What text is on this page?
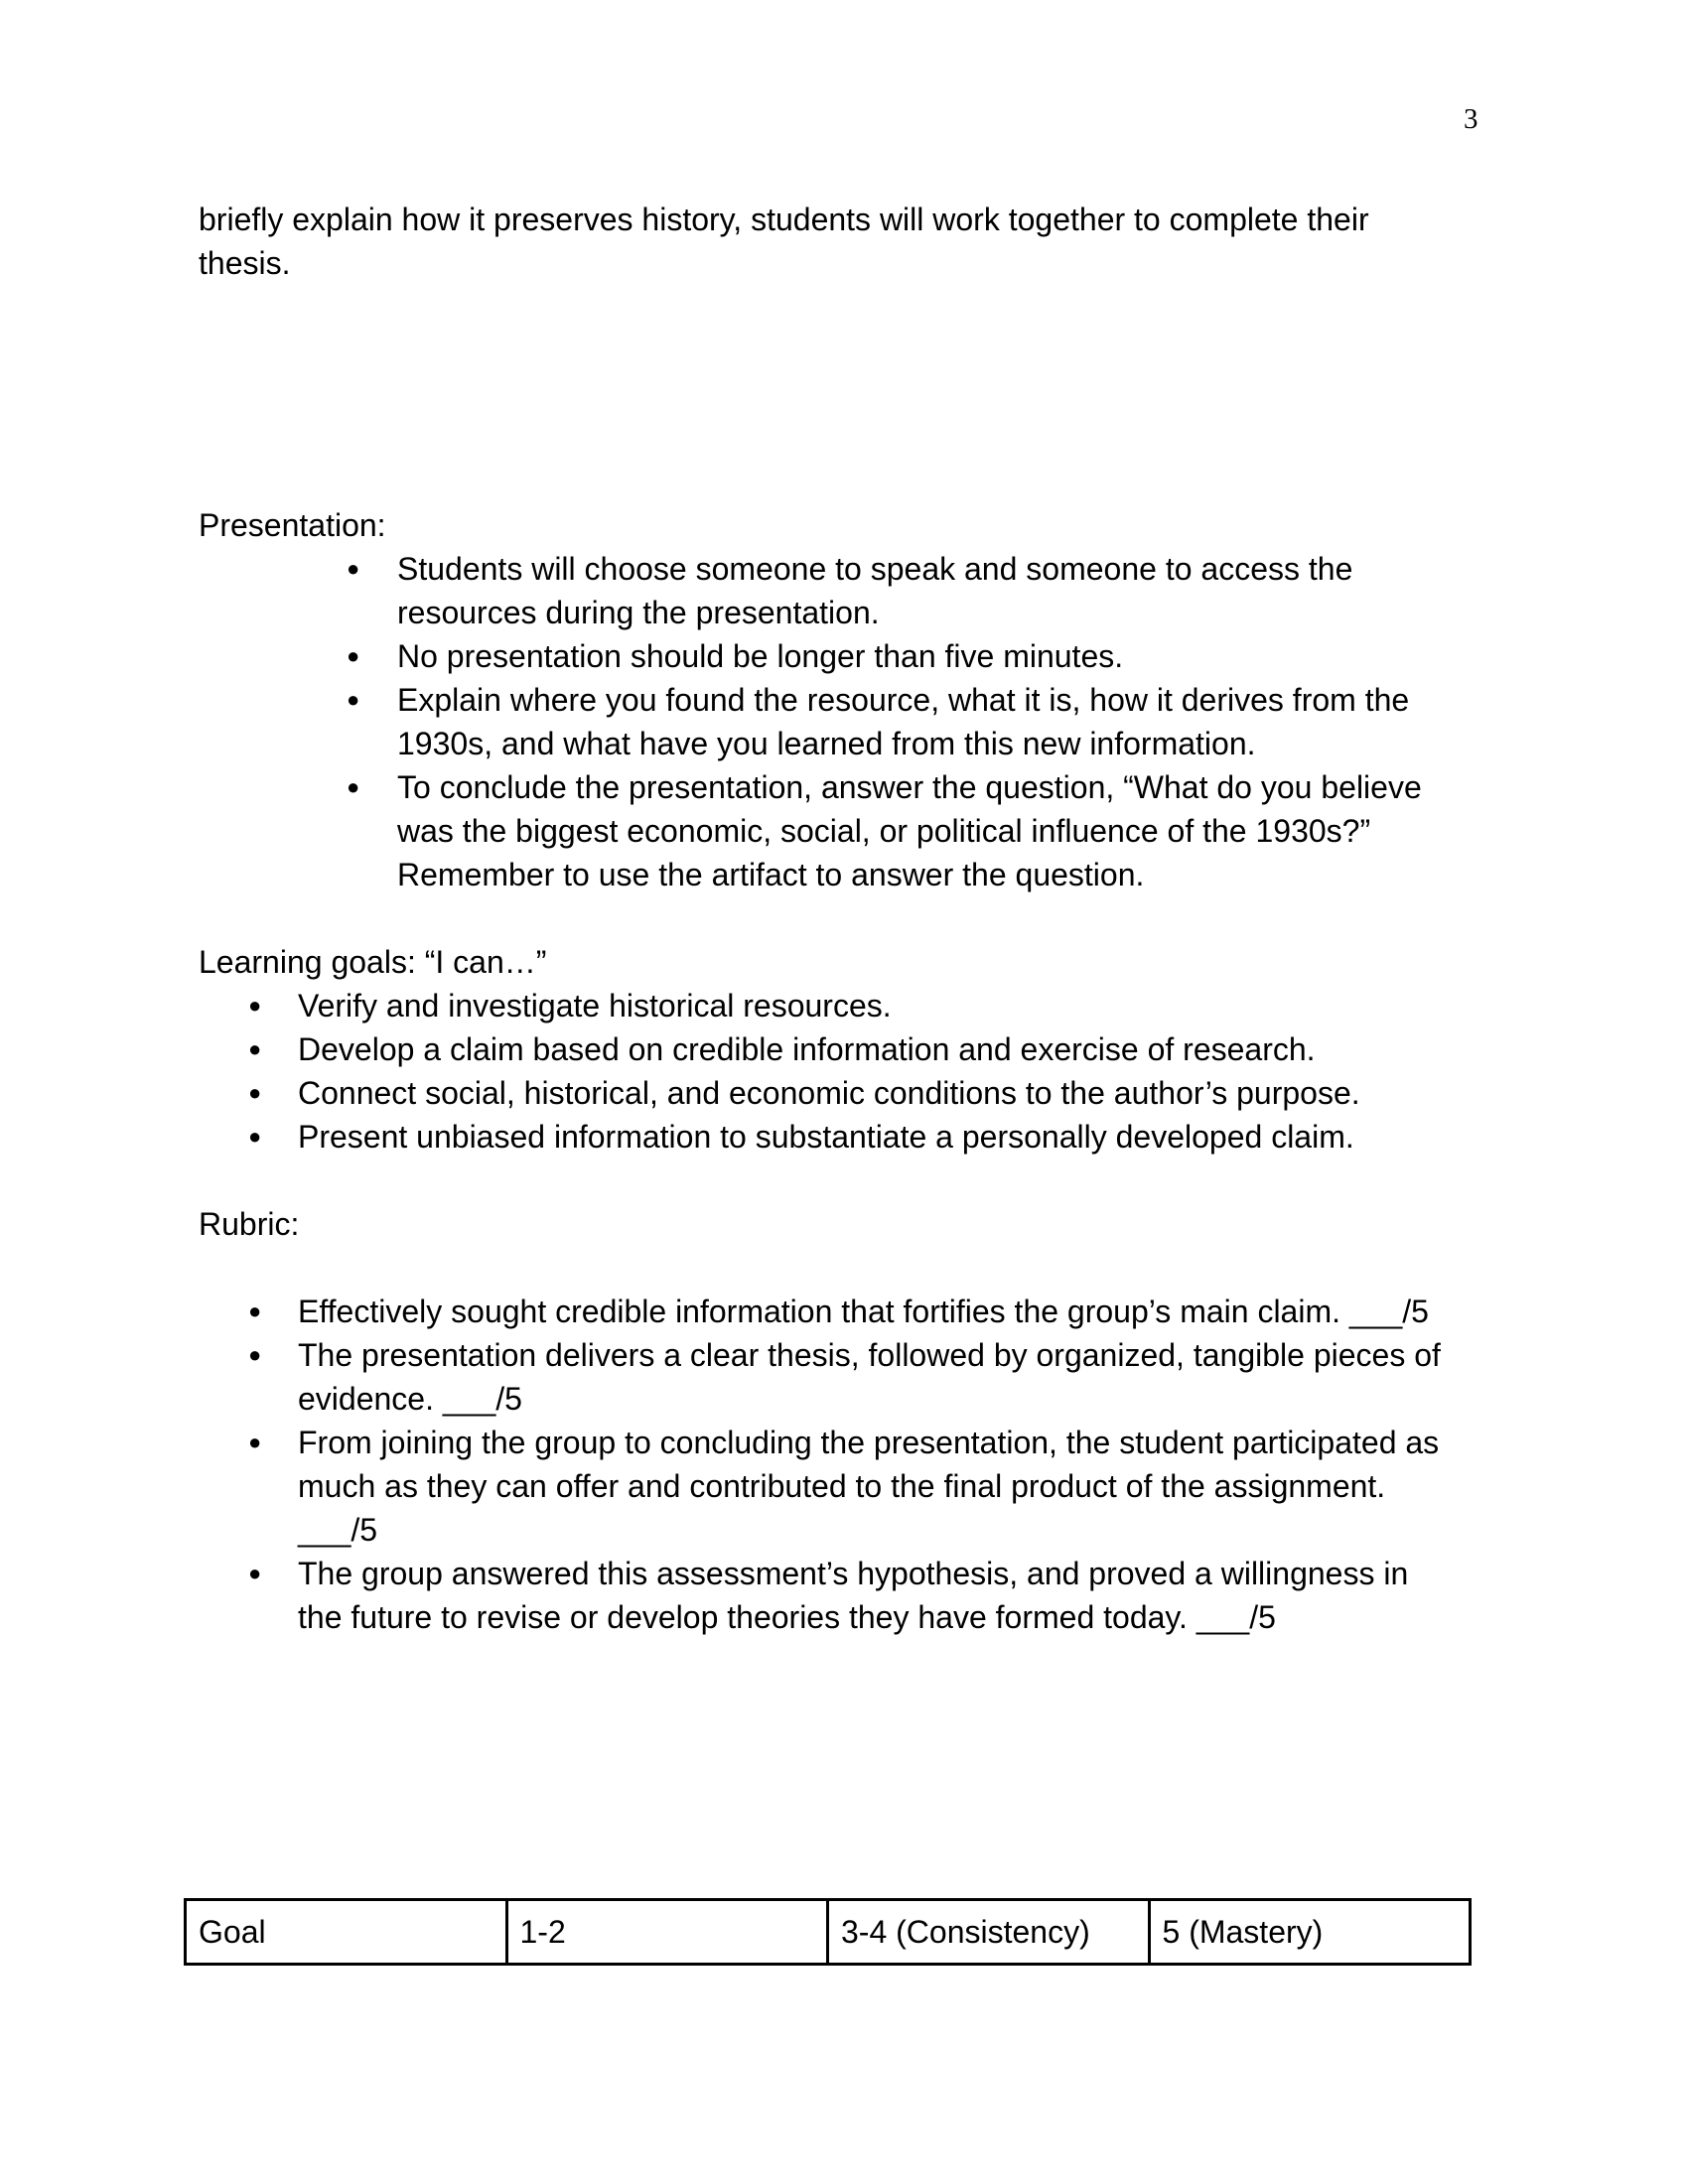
3

briefly explain how it preserves history, students will work together to complete their

thesis.

Presentation:

● Students will choose someone to speak and someone to access the
resources during the presentation.
● No presentation should be longer than five minutes.
● Explain where you found the resource, what it is, how it derives from the
1930s, and what have you learned from this new information.
● To conclude the presentation, answer the question, “What do you believe
was the biggest economic, social, or political influence of the 1930s?”
Remember to use the artifact to answer the question.

Learning goals: “I can…”

● Verify and investigate historical resources.
● Develop a claim based on credible information and exercise of research.
● Connect social, historical, and economic conditions to the author’s purpose.
● Present unbiased information to substantiate a personally developed claim.

Rubric:

● Effectively sought credible information that fortifies the group’s main claim. ___/5
● The presentation delivers a clear thesis, followed by organized, tangible pieces of
evidence. ___/5
● From joining the group to concluding the presentation, the student participated as
much as they can offer and contributed to the final product of the assignment.
___/5
● The group answered this assessment’s hypothesis, and proved a willingness in
the future to revise or develop theories they have formed today. ___/5
Goal	1-2	3-4 (Consistency)	5 (Mastery)
